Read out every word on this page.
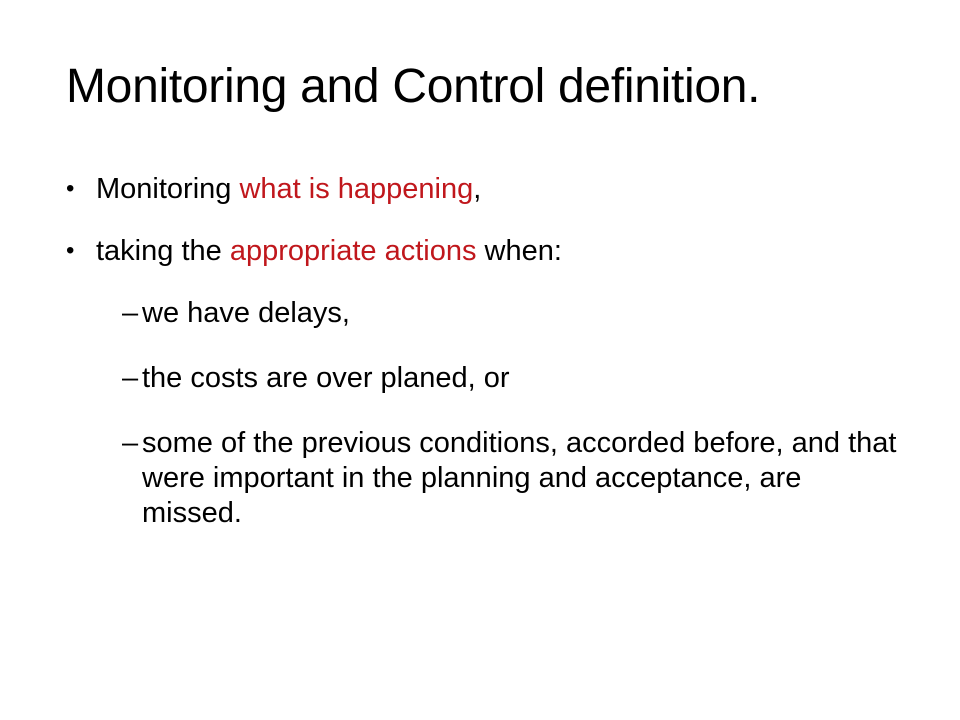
Monitoring and Control definition.
• Monitoring what is happening,
• taking the appropriate actions when:
– we have delays,
– the costs are over planed, or
– some of the previous conditions, accorded before, and that were important in the planning and acceptance, are missed.
